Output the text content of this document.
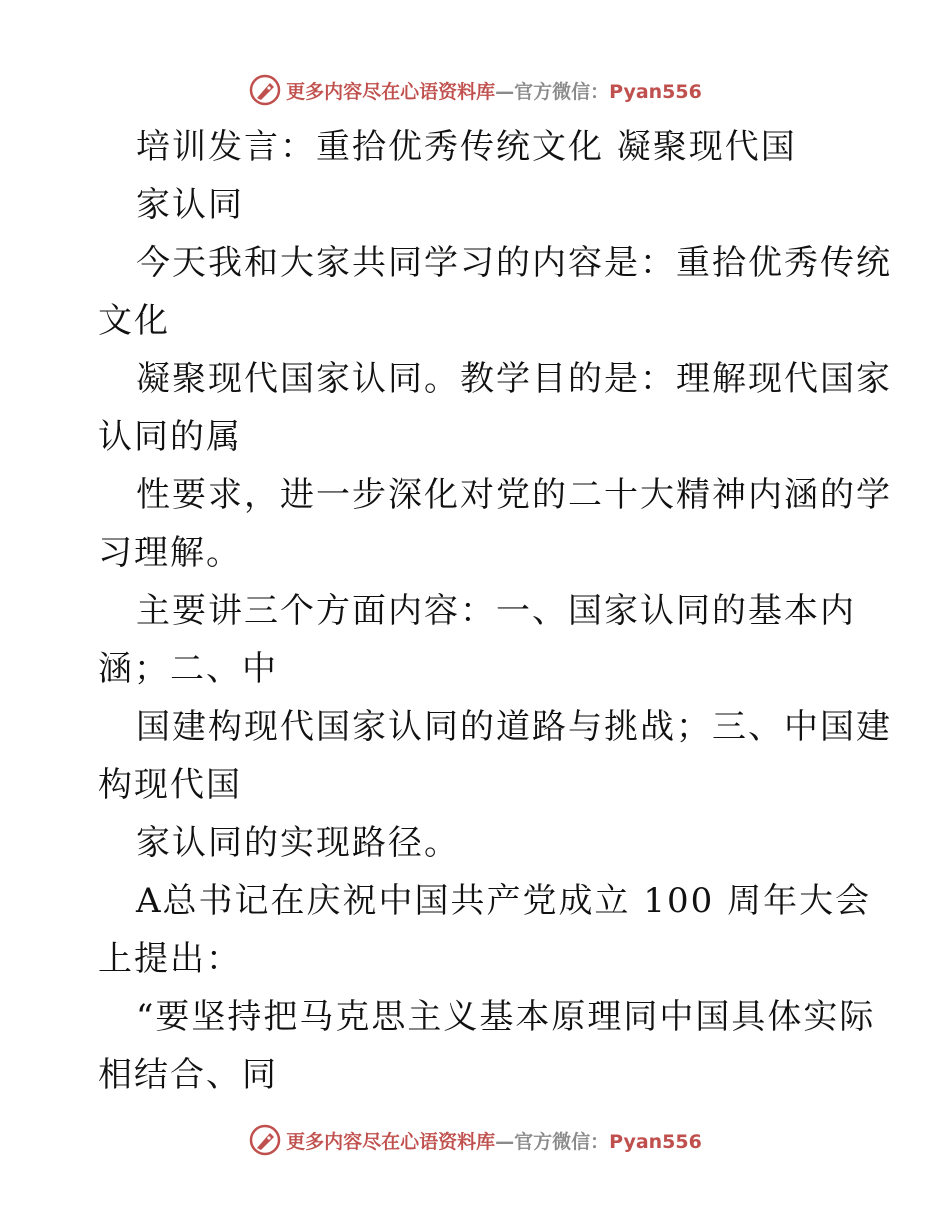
更多内容尽在心语资料库—官方微信：Pyan556
培训发言：重拾优秀传统文化 凝聚现代国
家认同
今天我和大家共同学习的内容是：重拾优秀传统
文化
凝聚现代国家认同。教学目的是：理解现代国家
认同的属
性要求，进一步深化对党的二十大精神内涵的学
习理解。
主要讲三个方面内容：一、国家认同的基本内
涵；二、中
国建构现代国家认同的道路与挑战；三、中国建
构现代国
家认同的实现路径。
A总书记在庆祝中国共产党成立 100 周年大会
上提出：
“要坚持把马克思主义基本原理同中国具体实际
相结合、同
更多内容尽在心语资料库—官方微信：Pyan556
